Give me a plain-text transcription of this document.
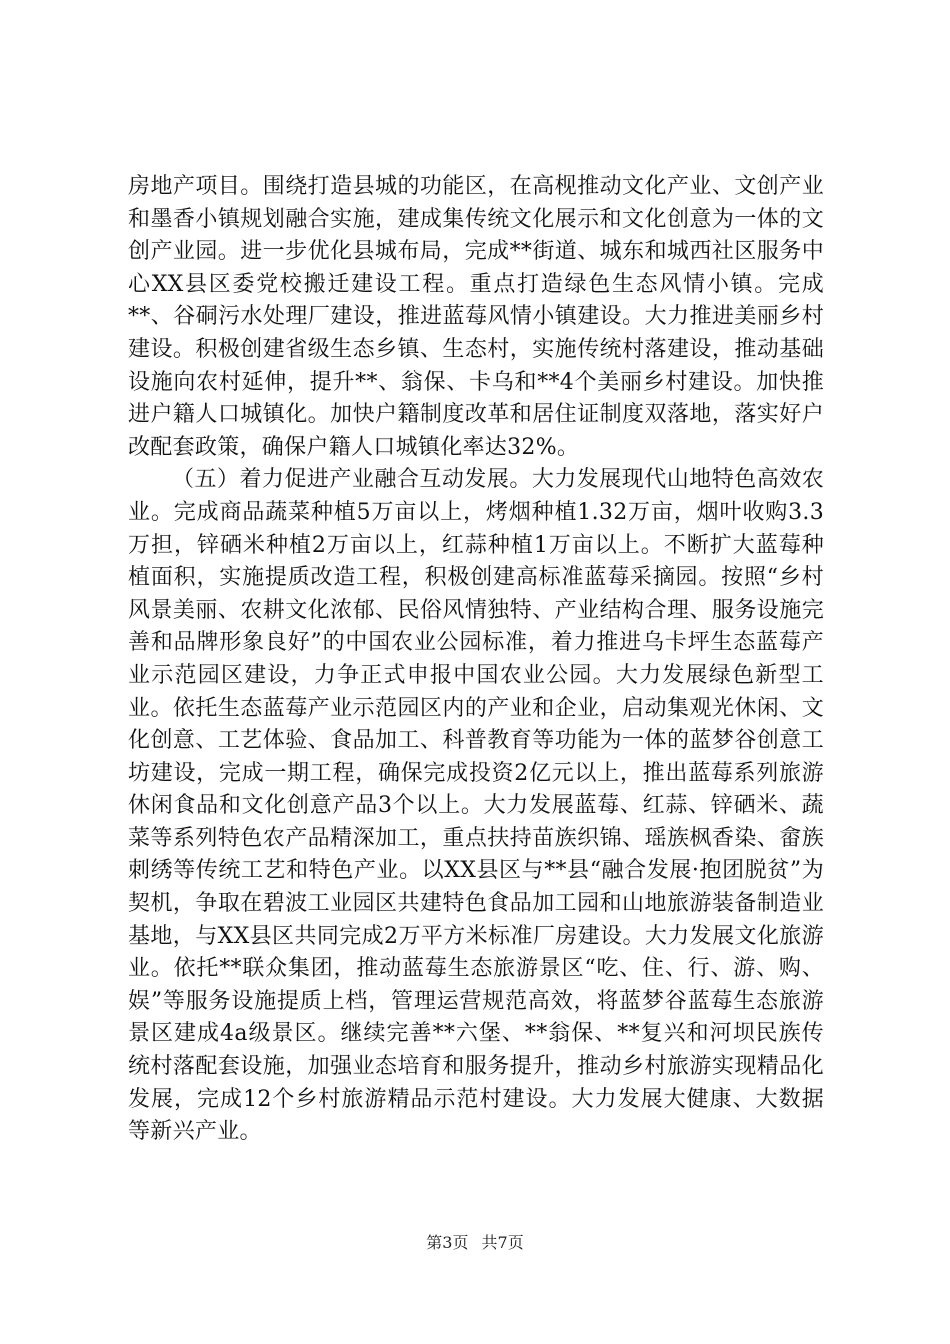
房地产项目。围绕打造县城的功能区，在高枧推动文化产业、文创产业和墨香小镇规划融合实施，建成集传统文化展示和文化创意为一体的文创产业园。进一步优化县城布局，完成**街道、城东和城西社区服务中心XX县区委党校搬迁建设工程。重点打造绿色生态风情小镇。完成**、谷硐污水处理厂建设，推进蓝莓风情小镇建设。大力推进美丽乡村建设。积极创建省级生态乡镇、生态村，实施传统村落建设，推动基础设施向农村延伸，提升**、翁保、卡乌和**4个美丽乡村建设。加快推进户籍人口城镇化。加快户籍制度改革和居住证制度双落地，落实好户改配套政策，确保户籍人口城镇化率达32%。

（五）着力促进产业融合互动发展。大力发展现代山地特色高效农业。完成商品蔬菜种植5万亩以上，烤烟种植1.32万亩，烟叶收购3.3万担，锌硒米种植2万亩以上，红蒜种植1万亩以上。不断扩大蓝莓种植面积，实施提质改造工程，积极创建高标准蓝莓采摘园。按照“乡村风景美丽、农耕文化浓郁、民俗风情独特、产业结构合理、服务设施完善和品牌形象良好”的中国农业公园标准，着力推进乌卡坪生态蓝莓产业示范园区建设，力争正式申报中国农业公园。大力发展绿色新型工业。依托生态蓝莓产业示范园区内的产业和企业，启动集观光休闲、文化创意、工艺体验、食品加工、科普教育等功能为一体的蓝梦谷创意工坊建设，完成一期工程，确保完成投资2亿元以上，推出蓝莓系列旅游休闲食品和文化创意产品3个以上。大力发展蓝莓、红蒜、锌硒米、蔬菜等系列特色农产品精深加工，重点扶持苗族织锦、瑶族枫香染、畲族刺绣等传统工艺和特色产业。以XX县区与**县“融合发展·抱团脱贫”为契机，争取在碧波工业园区共建特色食品加工园和山地旅游装备制造业基地，与XX县区共同完成2万平方米标准厂房建设。大力发展文化旅游业。依托**联众集团，推动蓝莓生态旅游景区“吃、住、行、游、购、娱”等服务设施提质上档，管理运营规范高效，将蓝梦谷蓝莓生态旅游景区建成4a级景区。继续完善**六堡、**翁保、**复兴和河坝民族传统村落配套设施，加强业态培育和服务提升，推动乡村旅游实现精品化发展，完成12个乡村旅游精品示范村建设。大力发展大健康、大数据等新兴产业。

第3页 共7页
